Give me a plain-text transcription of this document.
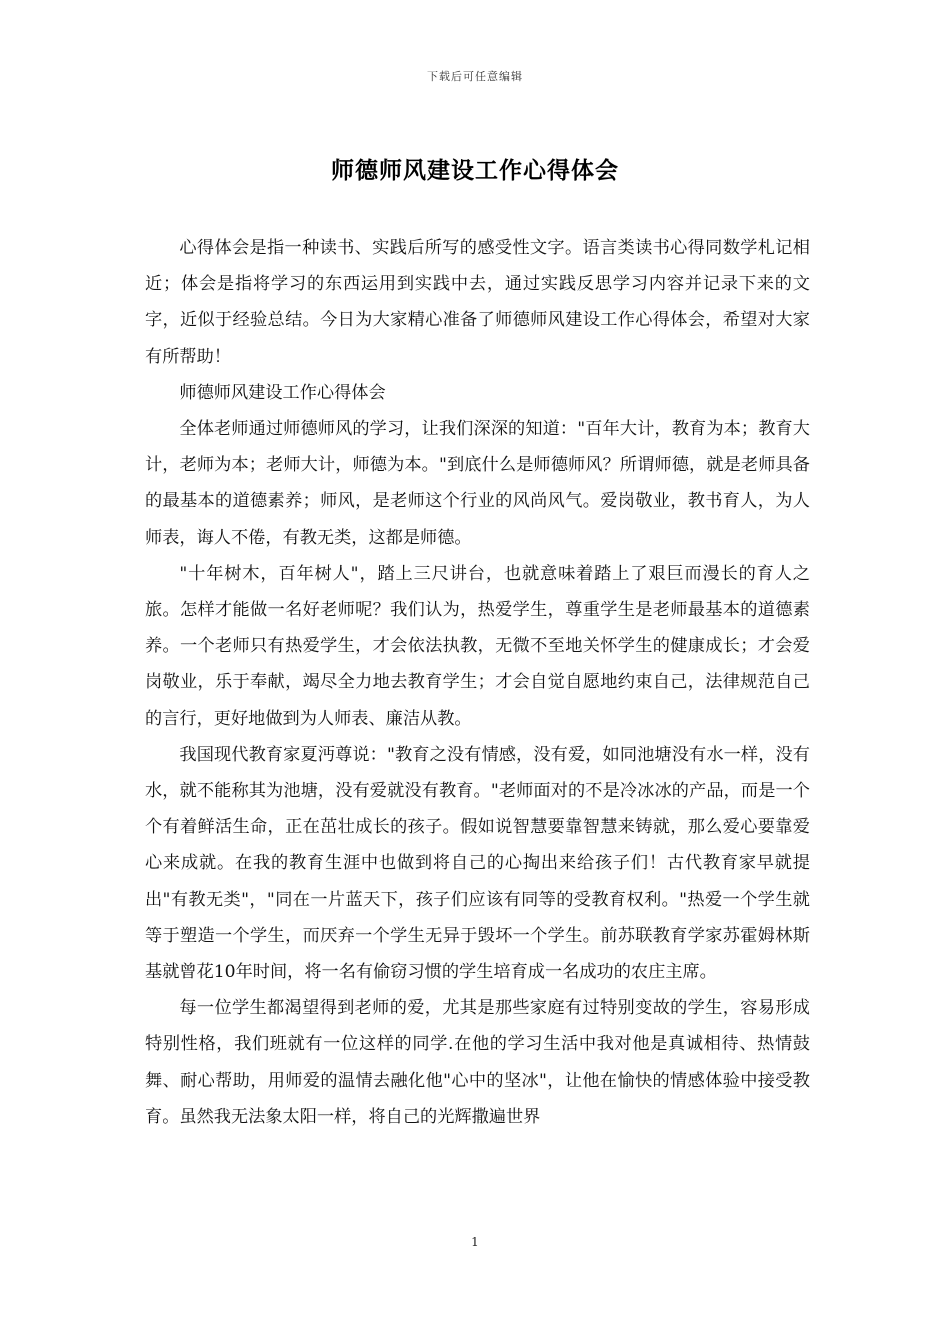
下载后可任意编辑
师德师风建设工作心得体会

心得体会是指一种读书、实践后所写的感受性文字。语言类读书心得同数学札记相近；体会是指将学习的东西运用到实践中去，通过实践反思学习内容并记录下来的文字，近似于经验总结。今日为大家精心准备了师德师风建设工作心得体会，希望对大家有所帮助！

师德师风建设工作心得体会

全体老师通过师德师风的学习，让我们深深的知道："百年大计，教育为本；教育大计，老师为本；老师大计，师德为本。"到底什么是师德师风？所谓师德，就是老师具备的最基本的道德素养；师风，是老师这个行业的风尚风气。爱岗敬业，教书育人，为人师表，诲人不倦，有教无类，这都是师德。

"十年树木，百年树人"，踏上三尺讲台，也就意味着踏上了艰巨而漫长的育人之旅。怎样才能做一名好老师呢？我们认为，热爱学生，尊重学生是老师最基本的道德素养。一个老师只有热爱学生，才会依法执教，无微不至地关怀学生的健康成长；才会爱岗敬业，乐于奉献，竭尽全力地去教育学生；才会自觉自愿地约束自己，法律规范自己的言行，更好地做到为人师表、廉洁从教。

我国现代教育家夏沔尊说："教育之没有情感，没有爱，如同池塘没有水一样，没有水，就不能称其为池塘，没有爱就没有教育。"老师面对的不是冷冰冰的产品，而是一个个有着鲜活生命，正在茁壮成长的孩子。假如说智慧要靠智慧来铸就，那么爱心要靠爱心来成就。在我的教育生涯中也做到将自己的心掏出来给孩子们！古代教育家早就提出"有教无类"，"同在一片蓝天下，孩子们应该有同等的受教育权利。"热爱一个学生就等于塑造一个学生，而厌弃一个学生无异于毁坏一个学生。前苏联教育学家苏霍姆林斯基就曾花10年时间，将一名有偷窃习惯的学生培育成一名成功的农庄主席。

每一位学生都渴望得到老师的爱，尤其是那些家庭有过特别变故的学生，容易形成特别性格，我们班就有一位这样的同学.在他的学习生活中我对他是真诚相待、热情鼓舞、耐心帮助，用师爱的温情去融化他"心中的坚冰"，让他在愉快的情感体验中接受教育。虽然我无法象太阳一样，将自己的光辉撒遍世界

1
